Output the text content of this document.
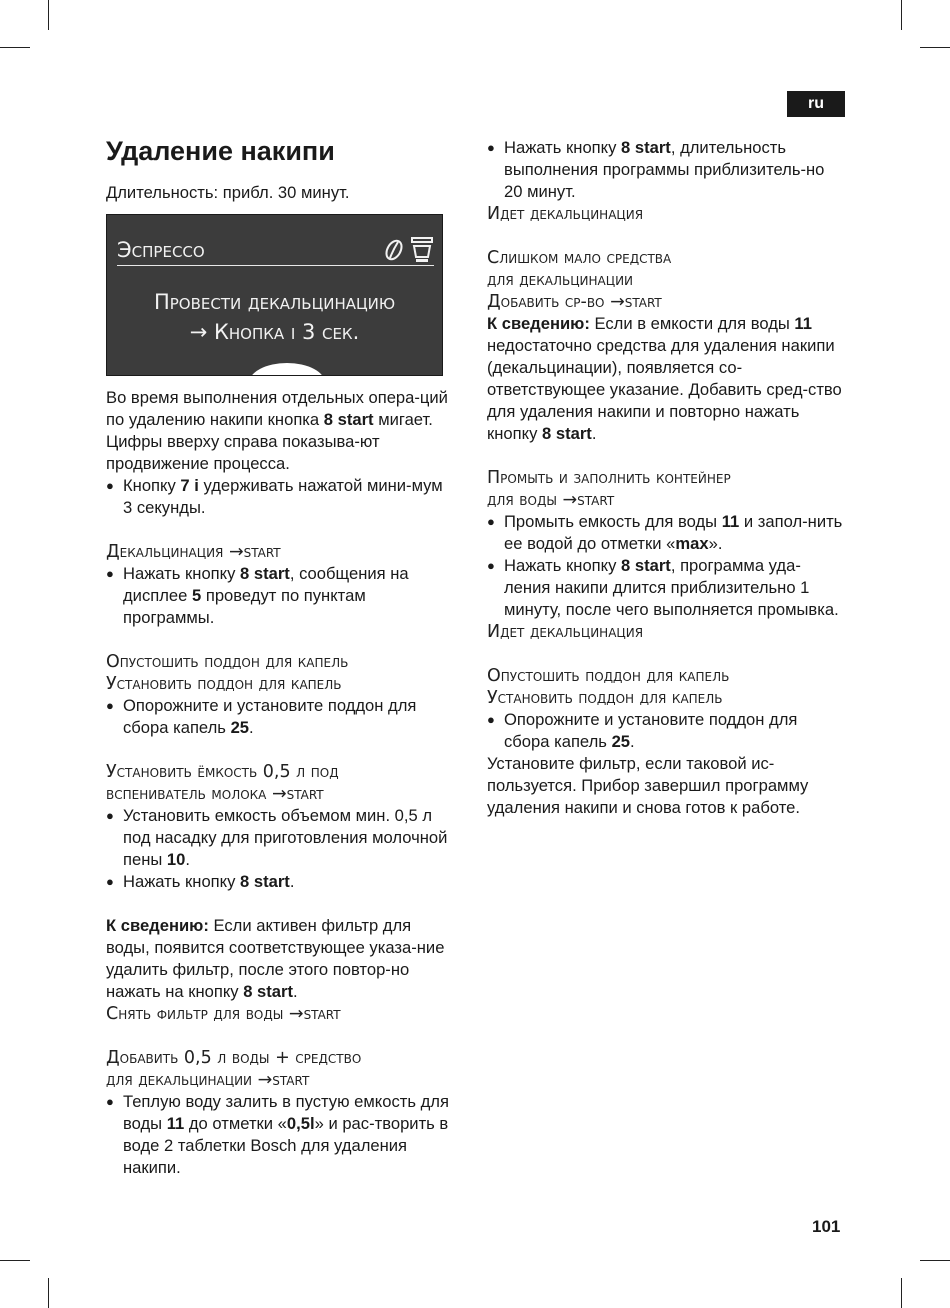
ru
Удаление накипи

Длительность: прибл. 30 минут.

Эспрессо
Провести декальцинацию
→ Кнопка i 3 сек.

Во время выполнения отдельных опера-ций по удалению накипи кнопка 8 start мигает. Цифры вверху справа показыва-ют продвижение процесса.

● Кнопку 7 i удерживать нажатой мини-мум 3 секунды.

Декальцинация →start

● Нажать кнопку 8 start, сообщения на дисплее 5 проведут по пунктам программы.

Опустошить поддон для капель

Установить поддон для капель

● Опорожните и установите поддон для сбора капель 25.

Установить ёмкость 0,5 л под

вспениватель молока →start

● Установить емкость объемом мин. 0,5 л под насадку для приготовления молочной пены 10.
● Нажать кнопку 8 start.

К сведению: Если активен фильтр для воды, появится соответствующее указа-ние удалить фильтр, после этого повтор-но нажать на кнопку 8 start.

Снять фильтр для воды →start

Добавить 0,5 л воды + средство

для декальцинации →start

● Теплую воду залить в пустую емкость для воды 11 до отметки «0,5l» и рас-творить в воде 2 таблетки Bosch для удаления накипи.
● Нажать кнопку 8 start, длительность выполнения программы приблизитель-но 20 минут.

Идет декальцинация

Слишком мало средства

для декальцинации

Добавить ср-во →start

К сведению: Если в емкости для воды 11 недостаточно средства для удаления накипи (декальцинации), появляется со-ответствующее указание. Добавить сред-ство для удаления накипи и повторно нажать кнопку 8 start.

Промыть и заполнить контейнер

для воды →start

● Промыть емкость для воды 11 и запол-нить ее водой до отметки «max».
● Нажать кнопку 8 start, программа уда-ления накипи длится приблизительно 1 минуту, после чего выполняется промывка.

Идет декальцинация

Опустошить поддон для капель

Установить поддон для капель

● Опорожните и установите поддон для сбора капель 25.

Установите фильтр, если таковой ис-пользуется. Прибор завершил программу удаления накипи и снова готов к работе.

101
